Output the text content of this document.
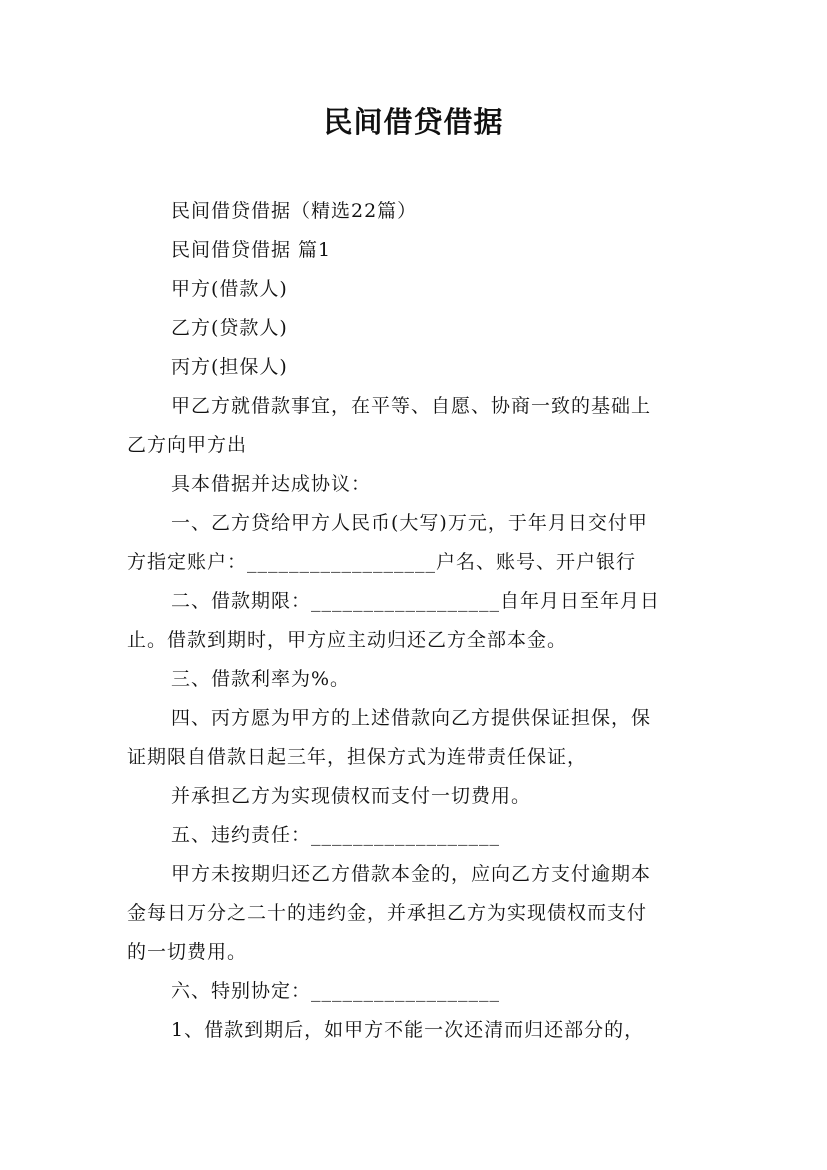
民间借贷借据

民间借贷借据（精选22篇）

民间借贷借据 篇1

甲方(借款人)

乙方(贷款人)

丙方(担保人)

甲乙方就借款事宜，在平等、自愿、协商一致的基础上

乙方向甲方出

具本借据并达成协议：

一、乙方贷给甲方人民币(大写)万元，于年月日交付甲

方指定账户：__________________户名、账号、开户银行

二、借款期限：__________________自年月日至年月日

止。借款到期时，甲方应主动归还乙方全部本金。

三、借款利率为%。

四、丙方愿为甲方的上述借款向乙方提供保证担保，保

证期限自借款日起三年，担保方式为连带责任保证，

并承担乙方为实现债权而支付一切费用。

五、违约责任：__________________

甲方未按期归还乙方借款本金的，应向乙方支付逾期本

金每日万分之二十的违约金，并承担乙方为实现债权而支付

的一切费用。

六、特别协定：__________________

1、借款到期后，如甲方不能一次还清而归还部分的，
